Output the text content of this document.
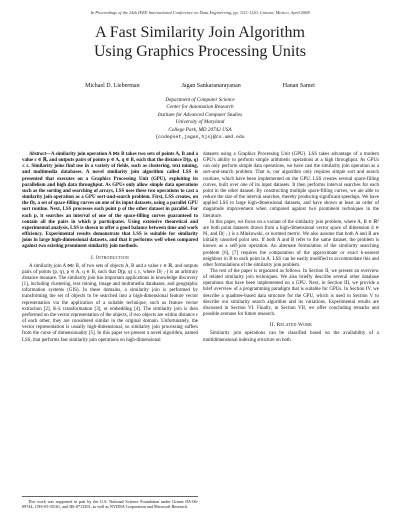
In Proceedings of the 24th IEEE International Conference on Data Engineering, pp. 1111-1120, Cancun, Mexico, April 2008
A Fast Similarity Join Algorithm
Using Graphics Processing Units
Michael D. Lieberman	Jagan Sankaranarayanan	Hanan Samet
Department of Computer Science
Center for Automation Research
Institute for Advanced Computer Studies
University of Maryland
College Park, MD 20742 USA
{codepoet,jagan,hjs}@cs.umd.edu

Abstract—A similarity join operation A ⋈ε B takes two sets of points A, B and a value ε ∈ ℝ, and outputs pairs of points p ∈ A, q ∈ B, such that the distance D(p, q) ≤ ε. Similarity joins find use in a variety of fields, such as clustering, text mining, and multimedia databases. A novel similarity join algorithm called LSS is presented that executes on a Graphics Processing Unit (GPU), exploiting its parallelism and high data throughput. As GPUs only allow simple data operations such as the sorting and searching of arrays, LSS uses these two operations to cast a similarity join operation as a GPU sort-and-search problem. First, LSS creates, on the fly, a set of space-filling curves on one of its input datasets, using a parallel GPU sort routine. Next, LSS processes each point p of the other dataset in parallel. For each p, it searches an interval of one of the space-filling curves guaranteed to contain all the pairs in which p participates. Using extensive theoretical and experimental analysis, LSS is shown to offer a good balance between time and work efficiency. Experimental results demonstrate that LSS is suitable for similarity joins in large high-dimensional datasets, and that it performs well when compared against two existing prominent similarity join methods.

I. Introduction

A similarity join A ⋈ε B, of two sets of objects A, B and a value ε ∈ ℝ, and outputs pairs of points (p, q), p ∈ A, q ∈ B, such that D(p, q) ≤ ε, where D(·,·) is an arbitrary distance measure. The similarity join has important applications in knowledge discovery [1], including clustering, text mining, image and multimedia databases, and geographic information systems (GIS). In these domains, a similarity join is performed by transforming the set of objects to be searched into a high-dimensional feature vector representation via the application of a suitable technique, such as feature vector extraction [2], K-L transformation [3], or embedding [4]. The similarity join is then performed on the vector representation of the objects, if two objects are within distance ε of each other, they are considered similar in the original domain. Unfortunately, the vector representation is usually high-dimensional, so similarity join processing suffers from the curse of dimensionality [5]. In this paper we present a novel algorithm, named LSS, that performs fast similarity join operations on high-dimensional

datasets using a Graphics Processing Unit (GPU). LSS takes advantage of a modern GPU's ability to perform simple arithmetic operations at a high throughput. As GPUs can only perform simple data operations, we have cast the similarity join operation as a sort-and-search problem. That is, our algorithm only requires simple sort and search routines, which have been implemented on the GPU. LSS creates several space-filling curves, built over one of its input datasets. It then performs interval searches for each point in the other dataset. By constructing multiple space-filling curves, we are able to reduce the size of the interval searches, thereby producing significant speedups. We have applied LSS to large high-dimensional datasets, and have shown at least an order of magnitude improvement when compared against two prominent techniques in the literature.

In this paper, we focus on a variant of the similarity join problem, where A, B ∈ ℝᵈ are both point datasets drawn from a high-dimensional vector space of dimension d ∈ ℕ, and D(·,·) is a Minkowski, or normed metric. We also assume that both A and B are initially unsorted point sets. If both A and B refer to the same dataset, the problem is known as a self-join operation. An alternate formulation of the similarity searching problem [6], [7] requires the computation of the approximate or exact k-nearest neighbors in B to each point in A. LSS can be easily modified to accommodate this and other formulations of the similarity join problem.

The rest of the paper is organized as follows. In Section II, we present an overview of related similarity join techniques. We also briefly describe several other database operations that have been implemented on a GPU. Next, in Section III, we provide a brief overview of a programming paradigm that is suitable for GPUs. In Section IV, we describe a quadtree-based data structure for the GPU, which is used in Section V to describe our similarity search algorithm and its variations. Experimental results are discussed in Section VI. Finally, in Section VII, we offer concluding remarks and possible avenues for future research.

II. Related Work

Similarity join operations can be classified based on the availability of a multidimensional indexing structure on both

This work was supported in part by the U.S. National Science Foundation under Grants IIA-06-09744, CNS-05-35161, and IIS-0713501, as well as NVIDIA Corporation and Microsoft Research.
